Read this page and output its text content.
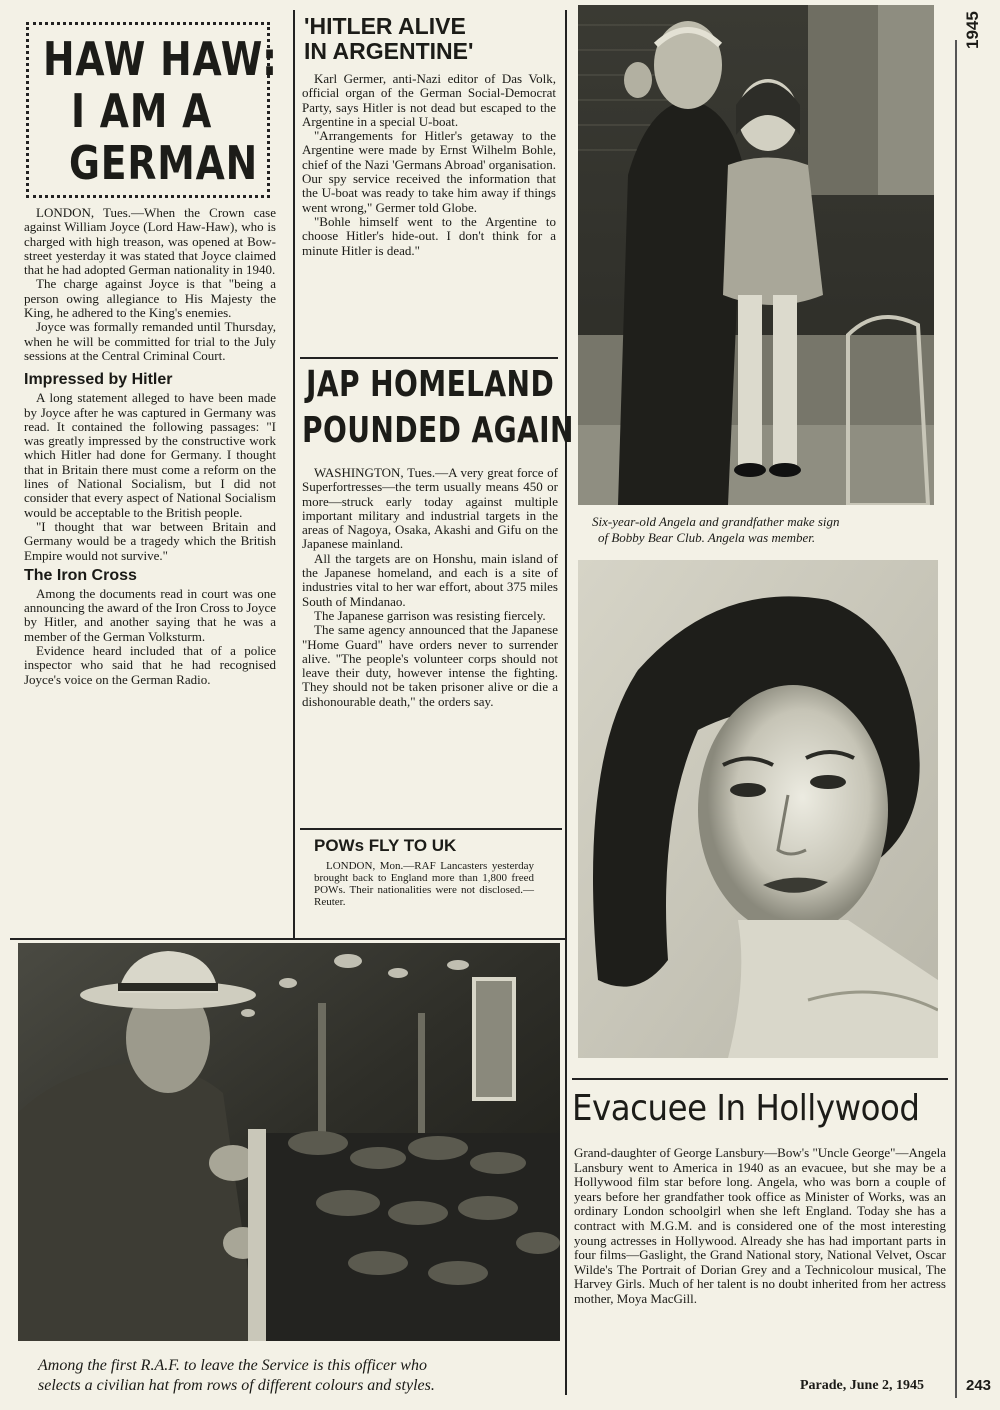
1945
243
HAW HAW:
I AM A
GERMAN

LONDON, Tues.—When the Crown case against William Joyce (Lord Haw-Haw), who is charged with high treason, was opened at Bow-street yesterday it was stated that Joyce claimed that he had adopted German nationality in 1940.

The charge against Joyce is that "being a person owing allegiance to His Majesty the King, he adhered to the King's enemies.

Joyce was formally remanded until Thursday, when he will be committed for trial to the July sessions at the Central Criminal Court.

Impressed by Hitler

A long statement alleged to have been made by Joyce after he was captured in Germany was read. It contained the following passages: "I was greatly impressed by the constructive work which Hitler had done for Germany. I thought that in Britain there must come a reform on the lines of National Socialism, but I did not consider that every aspect of National Socialism would be acceptable to the British people.

"I thought that war between Britain and Germany would be a tragedy which the British Empire would not survive."

The Iron Cross

Among the documents read in court was one announcing the award of the Iron Cross to Joyce by Hitler, and another saying that he was a member of the German Volksturm.

Evidence heard included that of a police inspector who said that he had recognised Joyce's voice on the German Radio.

'HITLER ALIVE
IN ARGENTINE'

Karl Germer, anti-Nazi editor of Das Volk, official organ of the German Social-Democrat Party, says Hitler is not dead but escaped to the Argentine in a special U-boat.

"Arrangements for Hitler's getaway to the Argentine were made by Ernst Wilhelm Bohle, chief of the Nazi 'Germans Abroad' organisation. Our spy service received the information that the U-boat was ready to take him away if things went wrong," Germer told Globe.

"Bohle himself went to the Argentine to choose Hitler's hide-out. I don't think for a minute Hitler is dead."

JAP HOMELAND
POUNDED AGAIN

WASHINGTON, Tues.—A very great force of Superfortresses—the term usually means 450 or more—struck early today against multiple important military and industrial targets in the areas of Nagoya, Osaka, Akashi and Gifu on the Japanese mainland.

All the targets are on Honshu, main island of the Japanese homeland, and each is a site of industries vital to her war effort, about 375 miles South of Mindanao.

The Japanese garrison was resisting fiercely.

The same agency announced that the Japanese "Home Guard" have orders never to surrender alive. "The people's volunteer corps should not leave their duty, however intense the fighting. They should not be taken prisoner alive or die a dishonourable death," the orders say.

POWs FLY TO UK

LONDON, Mon.—RAF Lancasters yesterday brought back to England more than 1,800 freed POWs. Their nationalities were not disclosed.—Reuter.

Among the first R.A.F. to leave the Service is this officer who
selects a civilian hat from rows of different colours and styles.
Six-year-old Angela and grandfather make sign
of Bobby Bear Club. Angela was member.
Evacuee In Hollywood

Grand-daughter of George Lansbury—Bow's "Uncle George"—Angela Lansbury went to America in 1940 as an evacuee, but she may be a Hollywood film star before long. Angela, who was born a couple of years before her grandfather took office as Minister of Works, was an ordinary London schoolgirl when she left England. Today she has a contract with M.G.M. and is considered one of the most interesting young actresses in Hollywood. Already she has had important parts in four films—Gaslight, the Grand National story, National Velvet, Oscar Wilde's The Portrait of Dorian Grey and a Technicolour musical, The Harvey Girls. Much of her talent is no doubt inherited from her actress mother, Moya MacGill.

Parade, June 2, 1945
